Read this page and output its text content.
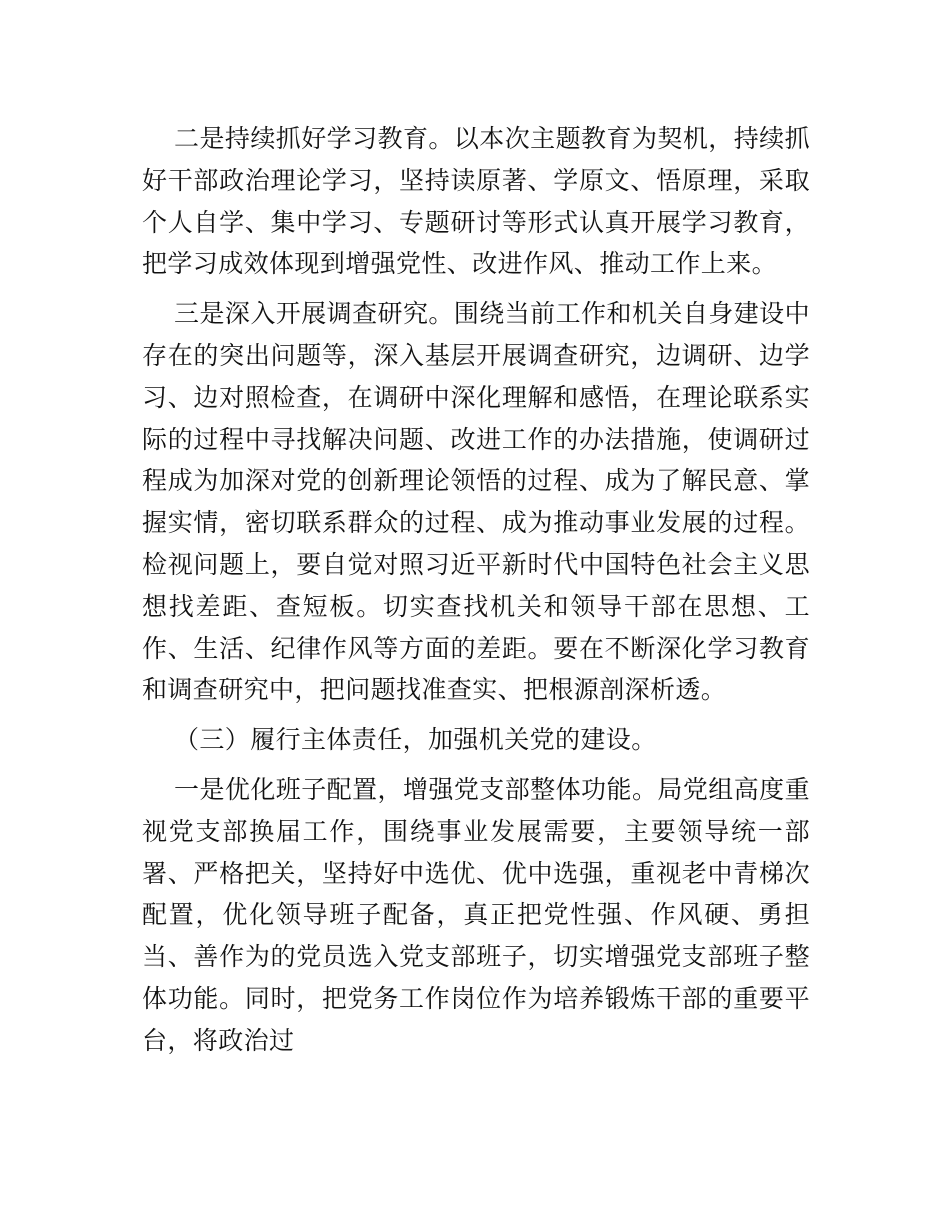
二是持续抓好学习教育。以本次主题教育为契机，持续抓好干部政治理论学习，坚持读原著、学原文、悟原理，采取个人自学、集中学习、专题研讨等形式认真开展学习教育，把学习成效体现到增强党性、改进作风、推动工作上来。

三是深入开展调查研究。围绕当前工作和机关自身建设中存在的突出问题等，深入基层开展调查研究，边调研、边学习、边对照检查，在调研中深化理解和感悟，在理论联系实际的过程中寻找解决问题、改进工作的办法措施，使调研过程成为加深对党的创新理论领悟的过程、成为了解民意、掌握实情，密切联系群众的过程、成为推动事业发展的过程。检视问题上，要自觉对照习近平新时代中国特色社会主义思想找差距、查短板。切实查找机关和领导干部在思想、工作、生活、纪律作风等方面的差距。要在不断深化学习教育和调查研究中，把问题找准查实、把根源剖深析透。

（三）履行主体责任，加强机关党的建设。

一是优化班子配置，增强党支部整体功能。局党组高度重视党支部换届工作，围绕事业发展需要，主要领导统一部署、严格把关，坚持好中选优、优中选强，重视老中青梯次配置，优化领导班子配备，真正把党性强、作风硬、勇担当、善作为的党员选入党支部班子，切实增强党支部班子整体功能。同时，把党务工作岗位作为培养锻炼干部的重要平台，将政治过
